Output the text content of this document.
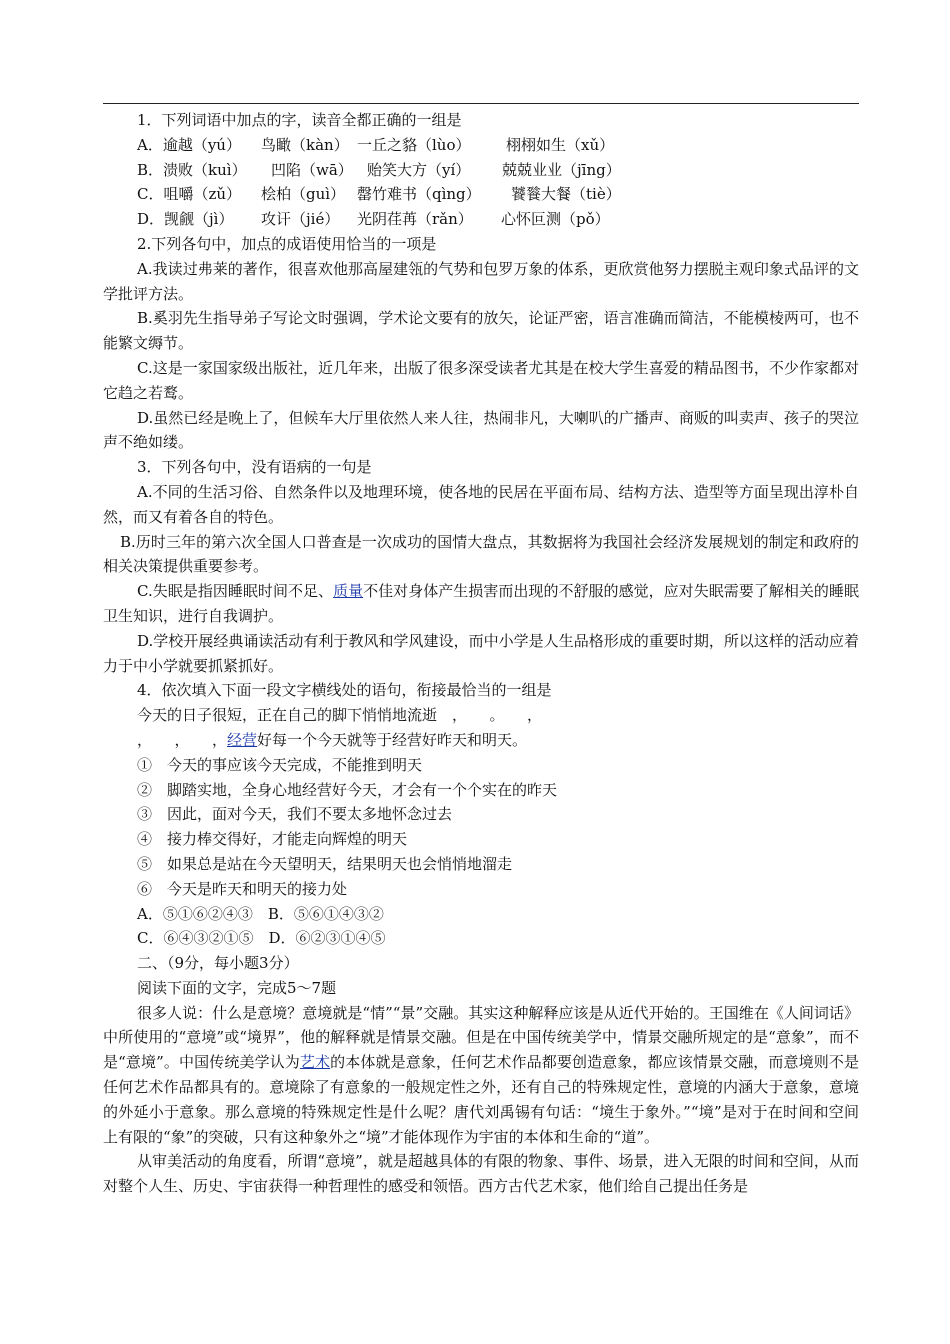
1．下列词语中加点的字，读音全都正确的一组是

A．逾越（yú） 鸟瞰（kàn） 一丘之貉（lùo） 栩栩如生（xǔ）

B．溃败（kuì） 凹陷（wā） 贻笑大方（yí） 兢兢业业（jīng）

C．咀嚼（zǔ） 桧柏（guì） 罄竹难书（qìng） 饕餮大餐（tiè）

D．觊觎（jì） 攻讦（jié） 光阴荏苒（rǎn） 心怀叵测（pǒ）

2.下列各句中，加点的成语使用恰当的一项是

A.我读过弗莱的著作，很喜欢他那高屋建瓴的气势和包罗万象的体系，更欣赏他努力摆脱主观印象式品评的文学批评方法。

B.奚羽先生指导弟子写论文时强调，学术论文要有的放矢，论证严密，语言准确而简洁，不能模棱两可，也不能繁文缛节。

C.这是一家国家级出版社，近几年来，出版了很多深受读者尤其是在校大学生喜爱的精品图书，不少作家都对它趋之若鹜。

D.虽然已经是晚上了，但候车大厅里依然人来人往，热闹非凡，大喇叭的广播声、商贩的叫卖声、孩子的哭泣声不绝如缕。

3．下列各句中，没有语病的一句是

A.不同的生活习俗、自然条件以及地理环境，使各地的民居在平面布局、结构方法、造型等方面呈现出淳朴自然，而又有着各自的特色。

B.历时三年的第六次全国人口普查是一次成功的国情大盘点，其数据将为我国社会经济发展规划的制定和政府的相关决策提供重要参考。

C.失眠是指因睡眠时间不足、质量不佳对身体产生损害而出现的不舒服的感觉，应对失眠需要了解相关的睡眠卫生知识，进行自我调护。

D.学校开展经典诵读活动有利于教风和学风建设，而中小学是人生品格形成的重要时期，所以这样的活动应着力于中小学就要抓紧抓好。

4．依次填入下面一段文字横线处的语句，衔接最恰当的一组是

今天的日子很短，正在自己的脚下悄悄地流逝　，　　。　　，

，　　，　　，经营好每一个今天就等于经营好昨天和明天。

①　今天的事应该今天完成，不能推到明天

②　脚踏实地，全身心地经营好今天，才会有一个个实在的昨天

③　因此，面对今天，我们不要太多地怀念过去

④　接力棒交得好，才能走向辉煌的明天

⑤　如果总是站在今天望明天，结果明天也会悄悄地溜走

⑥　今天是昨天和明天的接力处

A．⑤①⑥②④③　B．⑤⑥①④③②

C．⑥④③②①⑤　D．⑥②③①④⑤

二、（9分，每小题3分）

阅读下面的文字，完成5～7题

很多人说：什么是意境？意境就是“情”“景”交融。其实这种解释应该是从近代开始的。王国维在《人间词话》中所使用的“意境”或“境界”，他的解释就是情景交融。但是在中国传统美学中，情景交融所规定的是“意象”，而不是“意境”。中国传统美学认为艺术的本体就是意象，任何艺术作品都要创造意象，都应该情景交融，而意境则不是任何艺术作品都具有的。意境除了有意象的一般规定性之外，还有自己的特殊规定性，意境的内涵大于意象，意境的外延小于意象。那么意境的特殊规定性是什么呢？唐代刘禹锡有句话：“境生于象外。”“境”是对于在时间和空间上有限的“象”的突破，只有这种象外之“境”才能体现作为宇宙的本体和生命的“道”。

从审美活动的角度看，所谓“意境”，就是超越具体的有限的物象、事件、场景，进入无限的时间和空间，从而对整个人生、历史、宇宙获得一种哲理性的感受和领悟。西方古代艺术家，他们给自己提出任务是
